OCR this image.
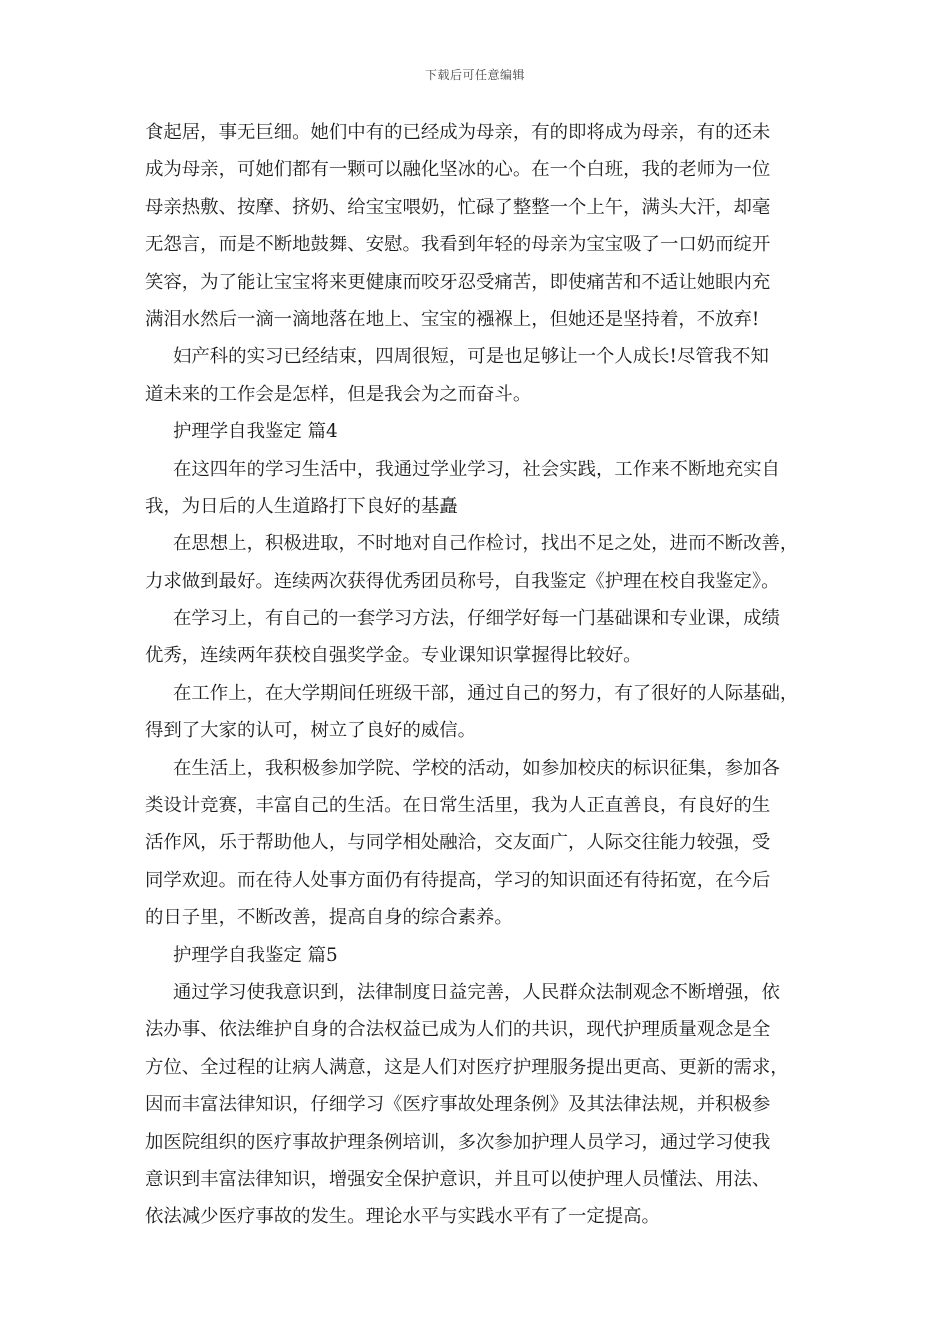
下载后可任意编辑
食起居，事无巨细。她们中有的已经成为母亲，有的即将成为母亲，有的还未
成为母亲，可她们都有一颗可以融化坚冰的心。在一个白班，我的老师为一位
母亲热敷、按摩、挤奶、给宝宝喂奶，忙碌了整整一个上午，满头大汗，却毫
无怨言，而是不断地鼓舞、安慰。我看到年轻的母亲为宝宝吸了一口奶而绽开
笑容，为了能让宝宝将来更健康而咬牙忍受痛苦，即使痛苦和不适让她眼内充
满泪水然后一滴一滴地落在地上、宝宝的襁褓上，但她还是坚持着，不放弃!
妇产科的实习已经结束，四周很短，可是也足够让一个人成长!尽管我不知
道未来的工作会是怎样，但是我会为之而奋斗。
护理学自我鉴定 篇4
在这四年的学习生活中，我通过学业学习，社会实践，工作来不断地充实自
我，为日后的人生道路打下良好的基矗
在思想上，积极进取，不时地对自己作检讨，找出不足之处，进而不断改善，
力求做到最好。连续两次获得优秀团员称号，自我鉴定《护理在校自我鉴定》。
在学习上，有自己的一套学习方法，仔细学好每一门基础课和专业课，成绩
优秀，连续两年获校自强奖学金。专业课知识掌握得比较好。
在工作上，在大学期间任班级干部，通过自己的努力，有了很好的人际基础，
得到了大家的认可，树立了良好的威信。
在生活上，我积极参加学院、学校的活动，如参加校庆的标识征集，参加各
类设计竞赛，丰富自己的生活。在日常生活里，我为人正直善良，有良好的生
活作风，乐于帮助他人，与同学相处融洽，交友面广，人际交往能力较强，受
同学欢迎。而在待人处事方面仍有待提高，学习的知识面还有待拓宽，在今后
的日子里，不断改善，提高自身的综合素养。
护理学自我鉴定 篇5
通过学习使我意识到，法律制度日益完善，人民群众法制观念不断增强，依
法办事、依法维护自身的合法权益已成为人们的共识，现代护理质量观念是全
方位、全过程的让病人满意，这是人们对医疗护理服务提出更高、更新的需求，
因而丰富法律知识，仔细学习《医疗事故处理条例》及其法律法规，并积极参
加医院组织的医疗事故护理条例培训，多次参加护理人员学习，通过学习使我
意识到丰富法律知识，增强安全保护意识，并且可以使护理人员懂法、用法、
依法减少医疗事故的发生。理论水平与实践水平有了一定提高。
